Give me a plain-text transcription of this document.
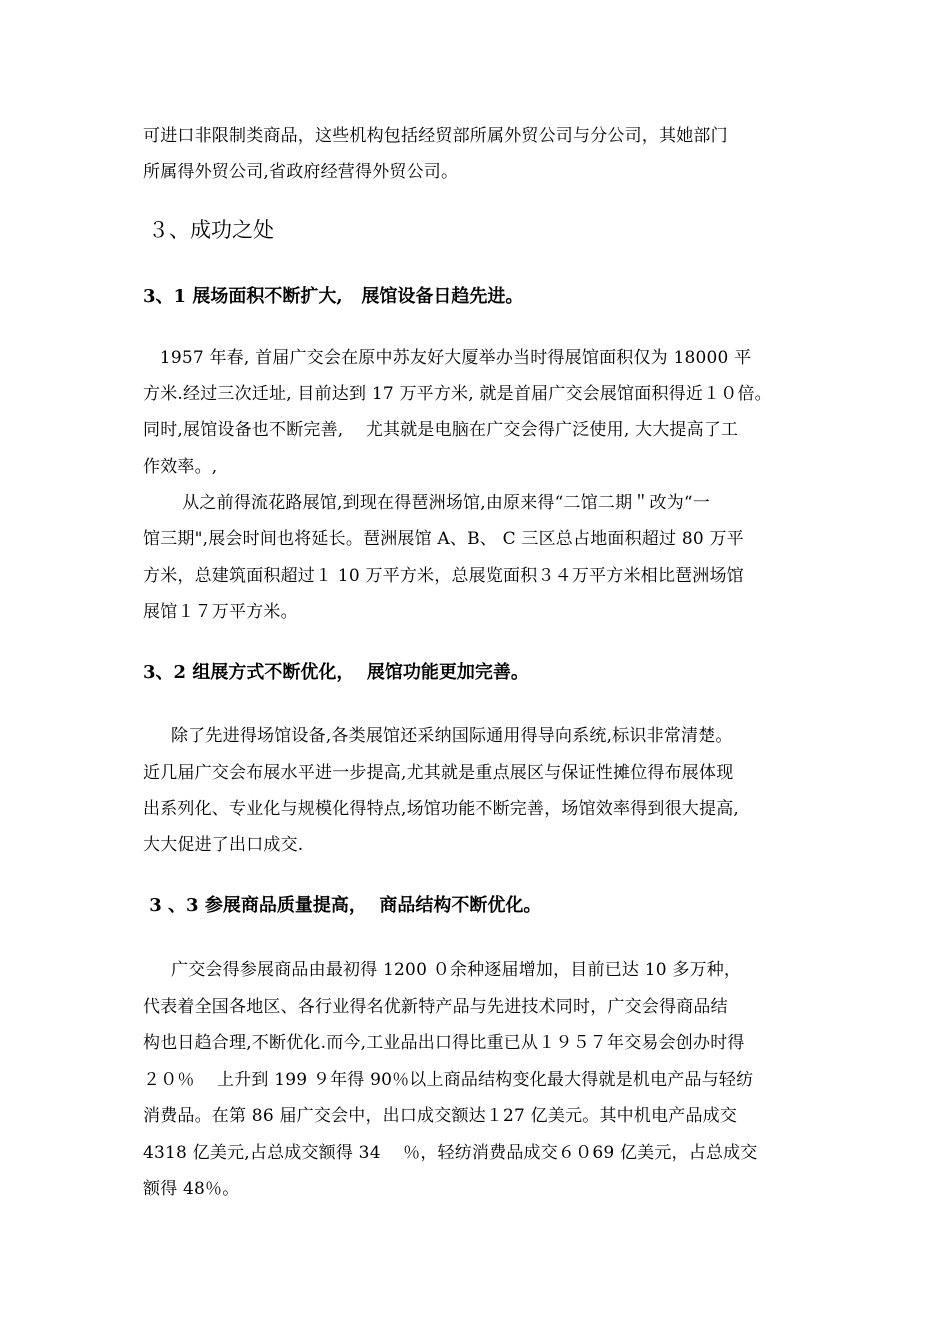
可进口非限制类商品，这些机构包括经贸部所属外贸公司与分公司，其她部门
所属得外贸公司,省政府经营得外贸公司。
３、成功之处
3、1 展场面积不断扩大,   展馆设备日趋先进。
1957 年春, 首届广交会在原中苏友好大厦举办当时得展馆面积仅为 18000 平
方米.经过三次迁址, 目前达到 17 万平方米, 就是首届广交会展馆面积得近１０倍。
同时,展馆设备也不断完善,    尤其就是电脑在广交会得广泛使用, 大大提高了工
作效率。,
从之前得流花路展馆,到现在得琶洲场馆,由原来得“二馆二期＂改为“一
馆三期",展会时间也将延长。琶洲展馆 A、B、 C 三区总占地面积超过 80 万平
方米，总建筑面积超过１ 10 万平方米，总展览面积３４万平方米相比琶洲场馆
展馆１７万平方米。
3、2 组展方式不断优化，  展馆功能更加完善。
除了先进得场馆设备,各类展馆还采纳国际通用得导向系统,标识非常清楚。
近几届广交会布展水平进一步提高,尤其就是重点展区与保证性摊位得布展体现
出系列化、专业化与规模化得特点,场馆功能不断完善，场馆效率得到很大提高,
大大促进了出口成交.
3 、3 参展商品质量提高，  商品结构不断优化。
广交会得参展商品由最初得 1200 ０余种逐届增加，目前已达 10 多万种，
代表着全国各地区、各行业得名优新特产品与先进技术同时，广交会得商品结
构也日趋合理,不断优化.而今,工业品出口得比重已从１９５７年交易会创办时得
２０％    上升到 199 ９年得 90％以上商品结构变化最大得就是机电产品与轻纺
消费品。在第 86 届广交会中，出口成交额达１27 亿美元。其中机电产品成交
4318 亿美元,占总成交额得 34    ％，轻纺消费品成交６０69 亿美元，占总成交
额得 48％。
